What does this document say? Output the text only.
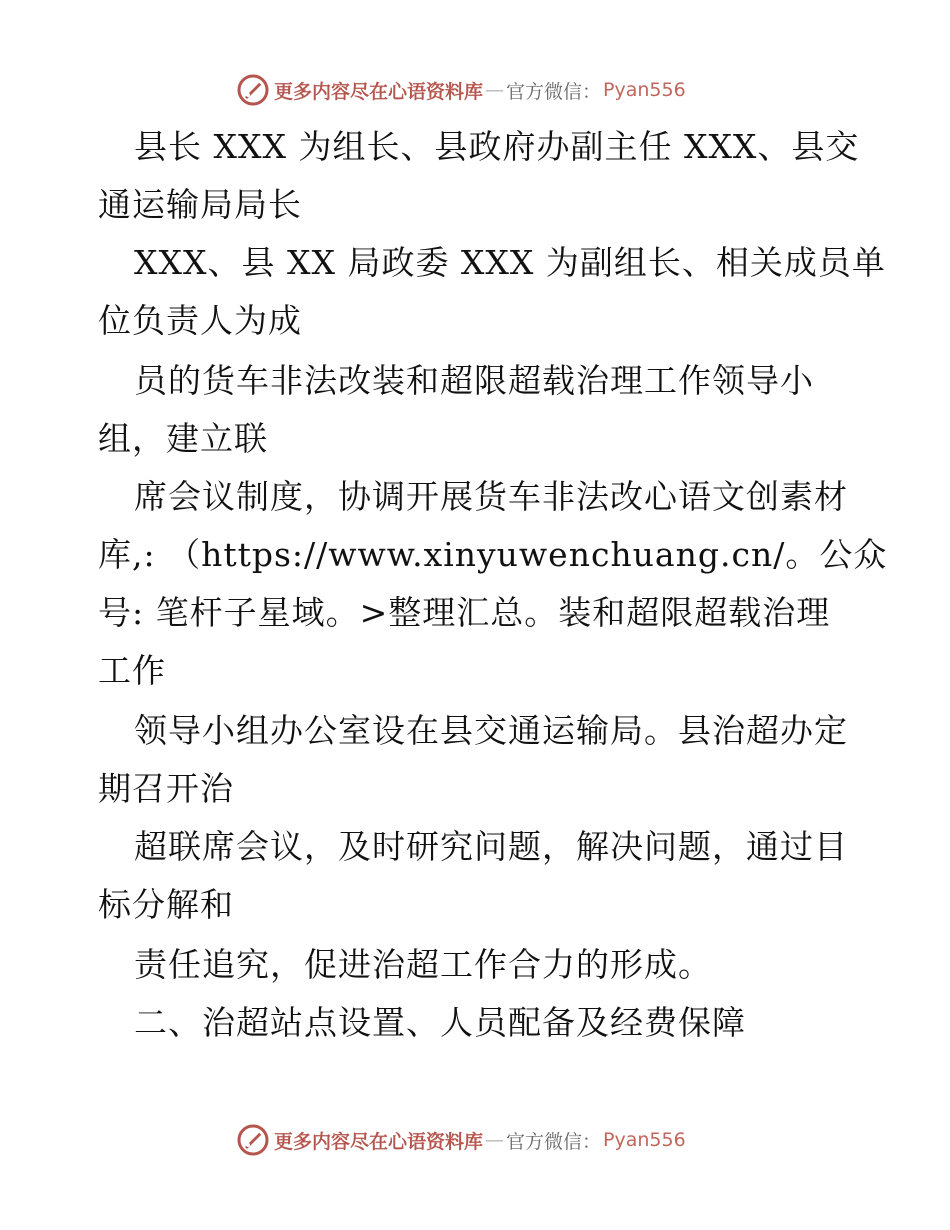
更多内容尽在心语资料库 — 官方微信： Pyan556
县长 XXX 为组长、县政府办副主任 XXX、县交
通运输局局长
XXX、县 XX 局政委 XXX 为副组长、相关成员单
位负责人为成
员的货车非法改装和超限超载治理工作领导小
组，建立联
席会议制度，协调开展货车非法改心语文创素材
库,: （https://www.xinyuwenchuang.cn/。公众
号: 笔杆子星域。>整理汇总。装和超限超载治理
工作
领导小组办公室设在县交通运输局。县治超办定
期召开治
超联席会议，及时研究问题，解决问题，通过目
标分解和
责任追究，促进治超工作合力的形成。
二、治超站点设置、人员配备及经费保障
更多内容尽在心语资料库 — 官方微信： Pyan556
